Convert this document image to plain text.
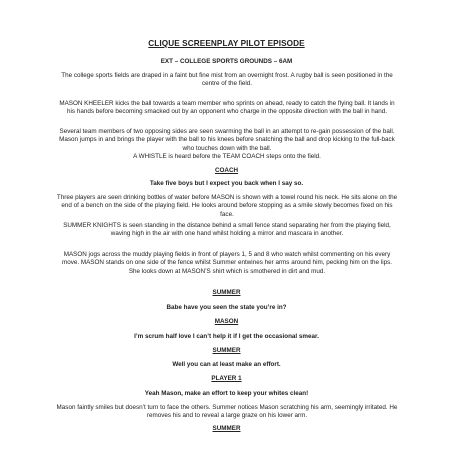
CLIQUE SCREENPLAY PILOT EPISODE
EXT – COLLEGE SPORTS GROUNDS – 6AM
The college sports fields are draped in a faint but fine mist from an overnight frost. A rugby ball is seen positioned in the centre of the field.
MASON KHEELER kicks the ball towards a team member who sprints on ahead, ready to catch the flying ball. It lands in his hands before becoming smacked out by an opponent who charge in the opposite direction with the ball in hand.
Several team members of two opposing sides are seen swarming the ball in an attempt to re-gain possession of the ball. Mason jumps in and brings the player with the ball to his knees before snatching the ball and drop kicking to the full-back who touches down with the ball.
A WHISTLE is heard before the TEAM COACH steps onto the field.
COACH
Take five boys but I expect you back when I say so.
Three players are seen drinking bottles of water before MASON is shown with a towel round his neck. He sits alone on the end of a bench on the side of the playing field. He looks around before stopping as a smile slowly becomes fixed on his face.
SUMMER KNIGHTS is seen standing in the distance behind a small fence stand separating her from the playing field, waving high in the air with one hand whilst holding a mirror and mascara in another.
MASON jogs across the muddy playing fields in front of players 1, 5 and 8 who watch whilst commenting on his every move. MASON stands on one side of the fence whilst Summer entwines her arms around him, pecking him on the lips. She looks down at MASON’S shirt which is smothered in dirt and mud.
SUMMER
Babe have you seen the state you’re in?
MASON
I’m scrum half love I can’t help it if I get the occasional smear.
SUMMER
Well you can at least make an effort.
PLAYER 1
Yeah Mason, make an effort to keep your whites clean!
Mason faintly smiles but doesn’t turn to face the others. Summer notices Mason scratching his arm, seemingly irritated. He removes his and to reveal a large graze on his lower arm.
SUMMER
